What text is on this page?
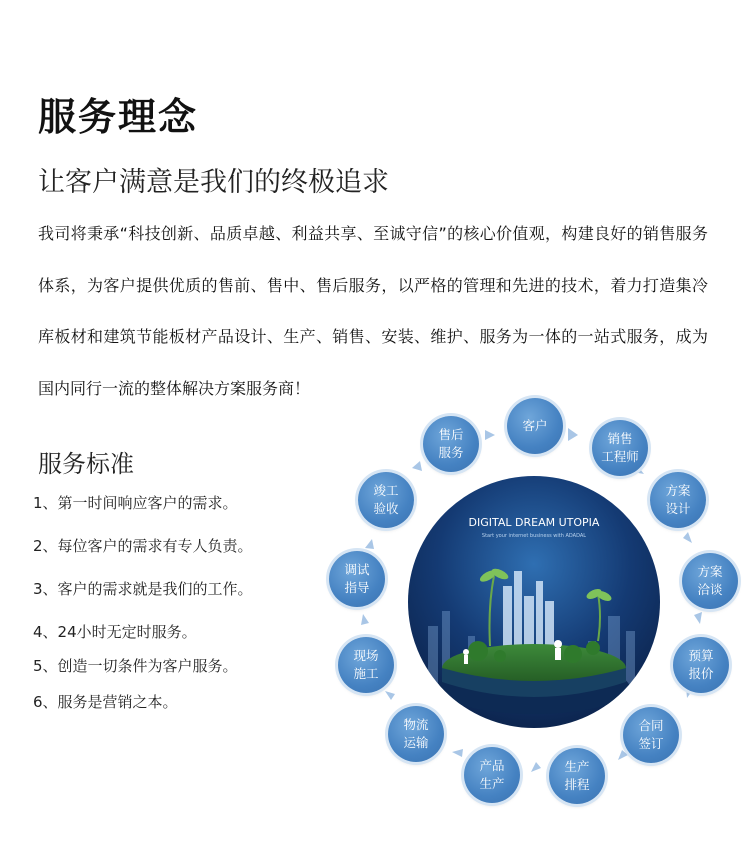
服务理念
让客户满意是我们的终极追求

我司将秉承“科技创新、品质卓越、利益共享、至诚守信”的核心价值观，构建良好的销售服务体系，为客户提供优质的售前、售中、售后服务，以严格的管理和先进的技术，着力打造集冷库板材和建筑节能板材产品设计、生产、销售、安装、维护、服务为一体的一站式服务，成为国内同行一流的整体解决方案服务商！

服务标准
1、第一时间响应客户的需求。
2、每位客户的需求有专人负责。
3、客户的需求就是我们的工作。
4、24小时无定时服务。
5、创造一切条件为客户服务。
6、服务是营销之本。
DIGITAL DREAM UTOPIA
Start your internet business with ADADAL
客户
销售
工程师
方案
设计
方案
洽谈
预算
报价
合同
签订
生产
排程
产品
生产
物流
运输
现场
施工
调试
指导
竣工
验收
售后
服务
